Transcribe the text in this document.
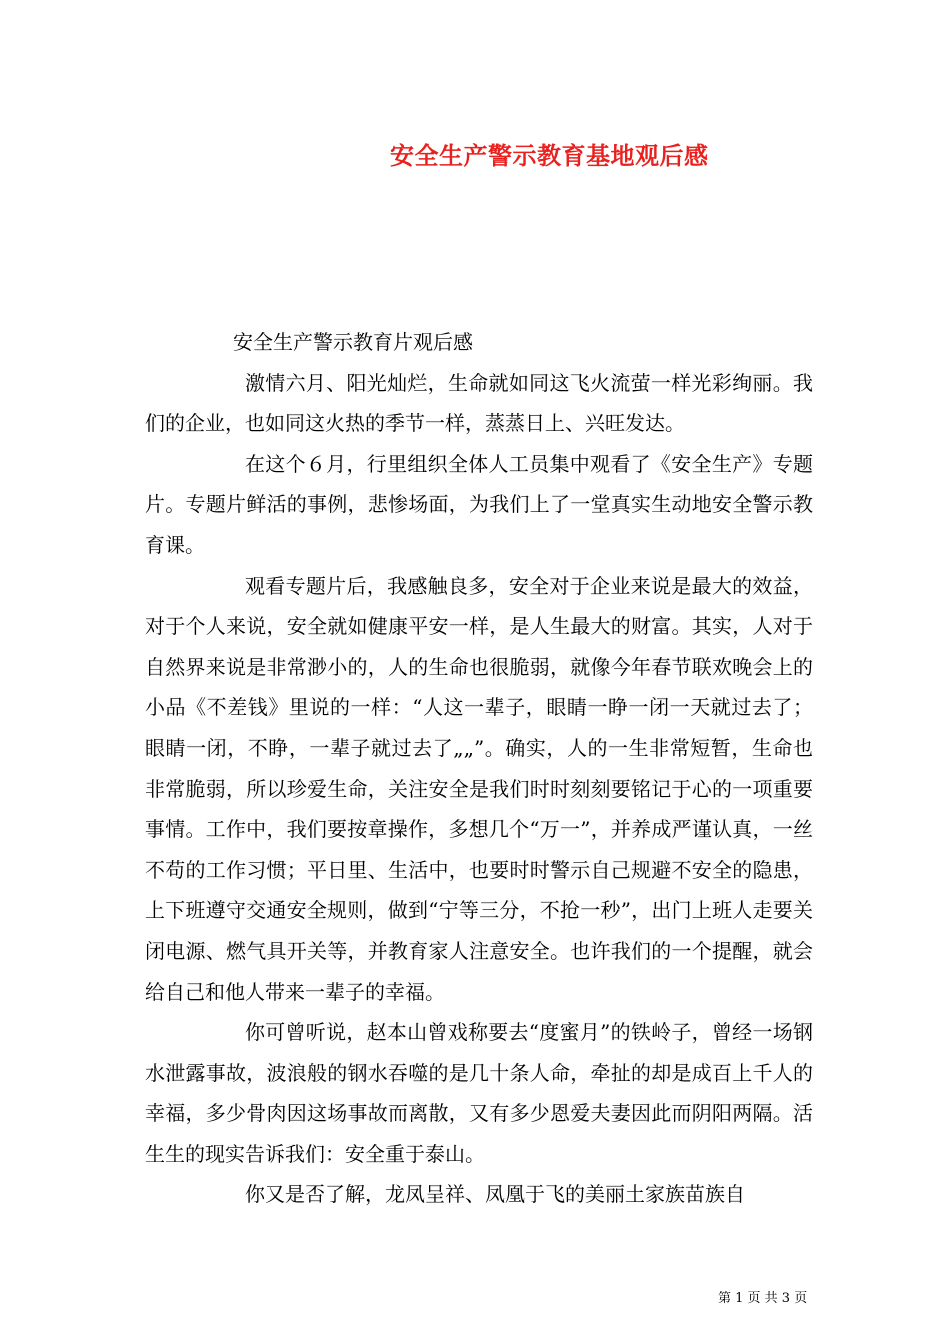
安全生产警示教育基地观后感

安全生产警示教育片观后感

激情六月、阳光灿烂，生命就如同这飞火流萤一样光彩绚丽。我们的企业，也如同这火热的季节一样，蒸蒸日上、兴旺发达。

在这个６月，行里组织全体人工员集中观看了《安全生产》专题片。专题片鲜活的事例，悲惨场面，为我们上了一堂真实生动地安全警示教育课。

观看专题片后，我感触良多，安全对于企业来说是最大的效益，对于个人来说，安全就如健康平安一样，是人生最大的财富。其实，人对于自然界来说是非常渺小的，人的生命也很脆弱，就像今年春节联欢晚会上的小品《不差钱》里说的一样：“人这一辈子，眼睛一睁一闭一天就过去了；眼睛一闭，不睁，一辈子就过去了„„”。确实，人的一生非常短暂，生命也非常脆弱，所以珍爱生命，关注安全是我们时时刻刻要铭记于心的一项重要事情。工作中，我们要按章操作，多想几个“万一”，并养成严谨认真，一丝不苟的工作习惯；平日里、生活中，也要时时警示自己规避不安全的隐患，上下班遵守交通安全规则，做到“宁等三分，不抢一秒”，出门上班人走要关闭电源、燃气具开关等，并教育家人注意安全。也许我们的一个提醒，就会给自己和他人带来一辈子的幸福。

你可曾听说，赵本山曾戏称要去“度蜜月”的铁岭子，曾经一场钢水泄露事故，波浪般的钢水吞噬的是几十条人命，牵扯的却是成百上千人的幸福，多少骨肉因这场事故而离散，又有多少恩爱夫妻因此而阴阳两隔。活生生的现实告诉我们：安全重于泰山。

你又是否了解，龙凤呈祥、凤凰于飞的美丽土家族苗族自

第 1 页 共 3 页
